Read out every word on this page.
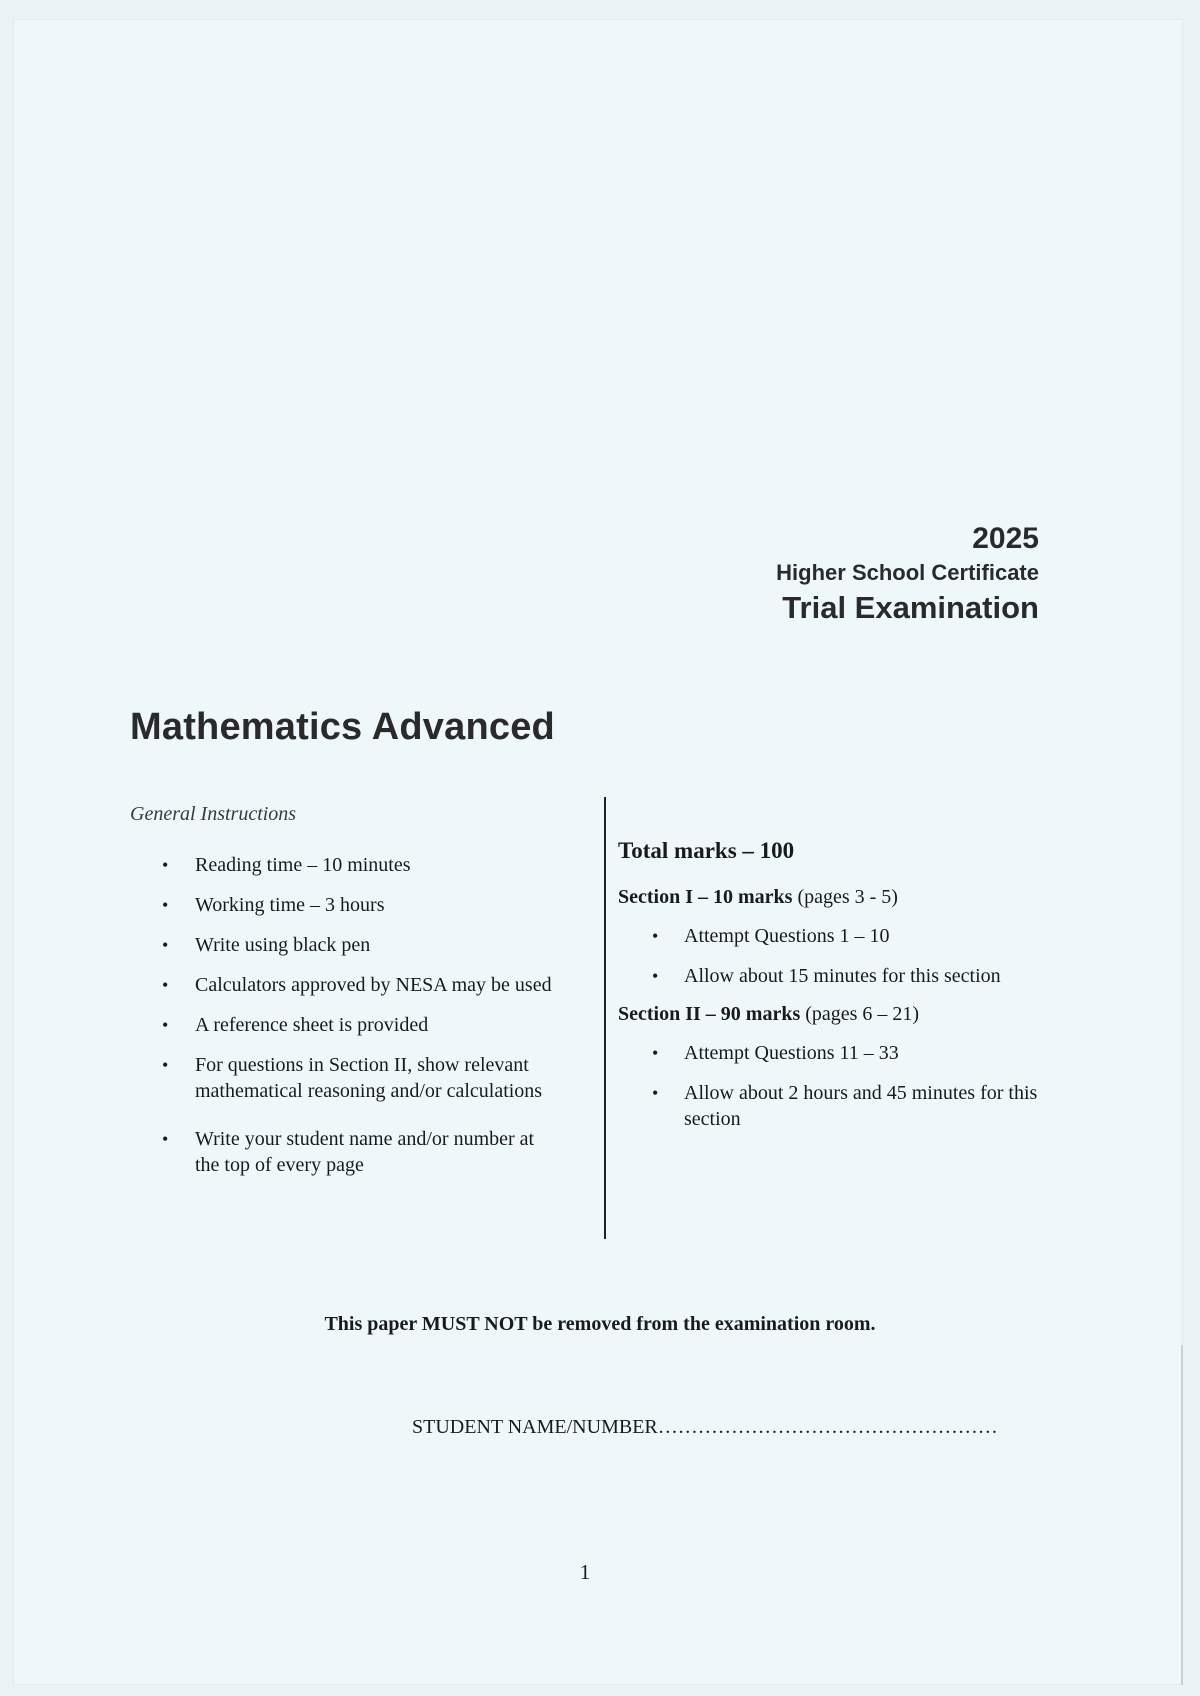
2025
Higher School Certificate
Trial Examination
Mathematics Advanced
General Instructions
• Reading time – 10 minutes
• Working time – 3 hours
• Write using black pen
• Calculators approved by NESA may be used
• A reference sheet is provided
• For questions in Section II, show relevant mathematical reasoning and/or calculations
• Write your student name and/or number at the top of every page
Total marks – 100
Section I – 10 marks (pages 3 - 5)
• Attempt Questions 1 – 10
• Allow about 15 minutes for this section
Section II – 90 marks (pages 6 – 21)
• Attempt Questions 11 – 33
• Allow about 2 hours and 45 minutes for this section
This paper MUST NOT be removed from the examination room.
STUDENT NAME/NUMBER……………………………………………
1
